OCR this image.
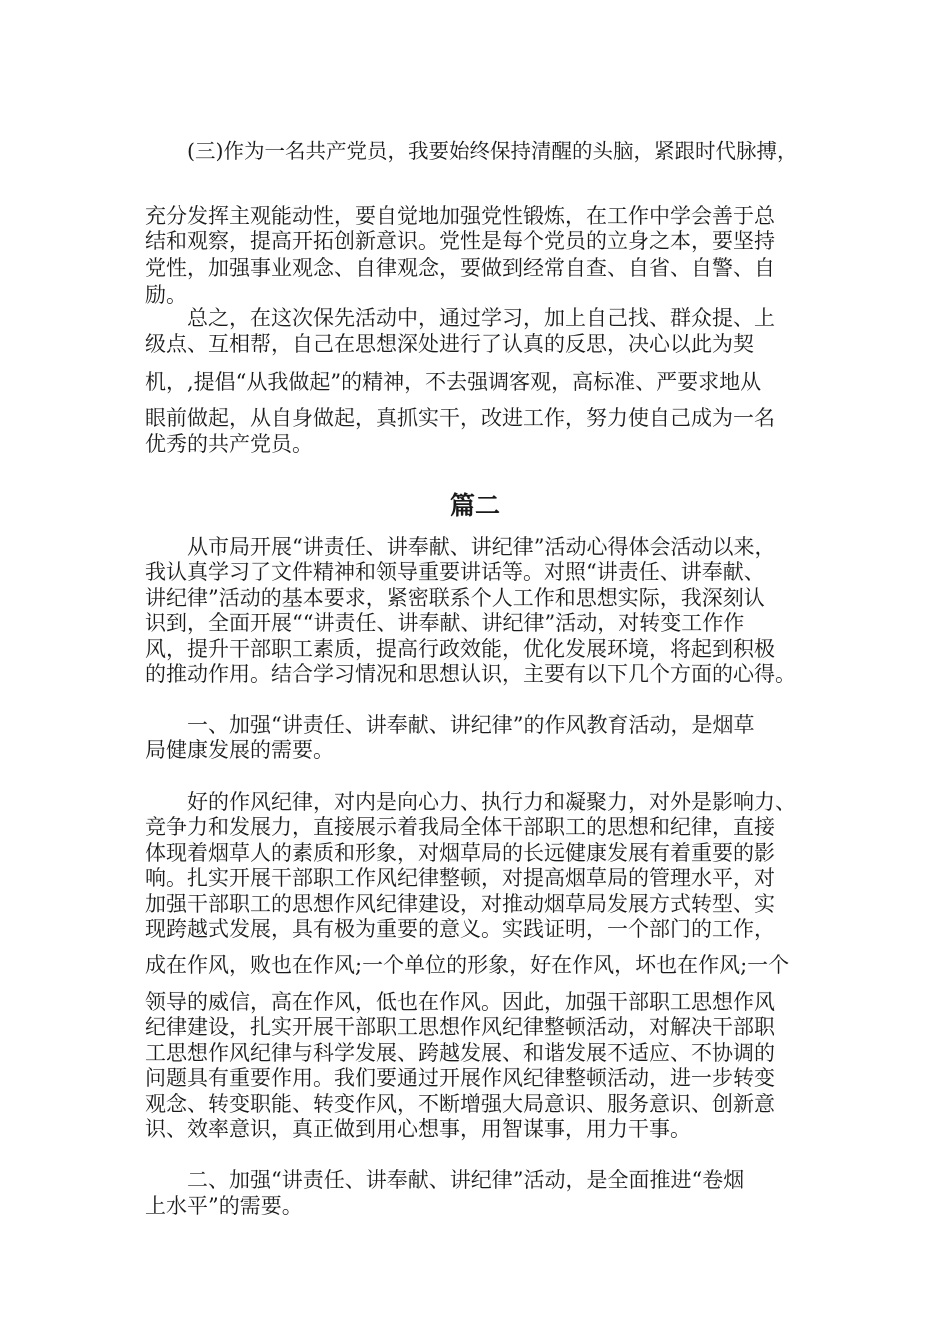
(三)作为一名共产党员，我要始终保持清醒的头脑，紧跟时代脉搏，
充分发挥主观能动性，要自觉地加强党性锻炼，在工作中学会善于总
结和观察，提高开拓创新意识。党性是每个党员的立身之本，要坚持
党性，加强事业观念、自律观念，要做到经常自查、自省、自警、自
励。
总之，在这次保先活动中，通过学习，加上自己找、群众提、上
级点、互相帮，自己在思想深处进行了认真的反思，决心以此为契
机，,提倡“从我做起”的精神，不去强调客观，高标准、严要求地从
眼前做起，从自身做起，真抓实干，改进工作，努力使自己成为一名
优秀的共产党员。
篇二
从市局开展“讲责任、讲奉献、讲纪律”活动心得体会活动以来，
我认真学习了文件精神和领导重要讲话等。对照“讲责任、讲奉献、
讲纪律”活动的基本要求，紧密联系个人工作和思想实际，我深刻认
识到，全面开展““讲责任、讲奉献、讲纪律”活动，对转变工作作
风，提升干部职工素质，提高行政效能，优化发展环境，将起到积极
的推动作用。结合学习情况和思想认识，主要有以下几个方面的心得。
一、加强“讲责任、讲奉献、讲纪律”的作风教育活动，是烟草
局健康发展的需要。
好的作风纪律，对内是向心力、执行力和凝聚力，对外是影响力、
竞争力和发展力，直接展示着我局全体干部职工的思想和纪律，直接
体现着烟草人的素质和形象，对烟草局的长远健康发展有着重要的影
响。扎实开展干部职工作风纪律整顿，对提高烟草局的管理水平，对
加强干部职工的思想作风纪律建设，对推动烟草局发展方式转型、实
现跨越式发展，具有极为重要的意义。实践证明，一个部门的工作，
成在作风，败也在作风;一个单位的形象，好在作风，坏也在作风;一个
领导的威信，高在作风，低也在作风。因此，加强干部职工思想作风
纪律建设，扎实开展干部职工思想作风纪律整顿活动，对解决干部职
工思想作风纪律与科学发展、跨越发展、和谐发展不适应、不协调的
问题具有重要作用。我们要通过开展作风纪律整顿活动，进一步转变
观念、转变职能、转变作风，不断增强大局意识、服务意识、创新意
识、效率意识，真正做到用心想事，用智谋事，用力干事。
二、加强“讲责任、讲奉献、讲纪律”活动，是全面推进“卷烟
上水平”的需要。
